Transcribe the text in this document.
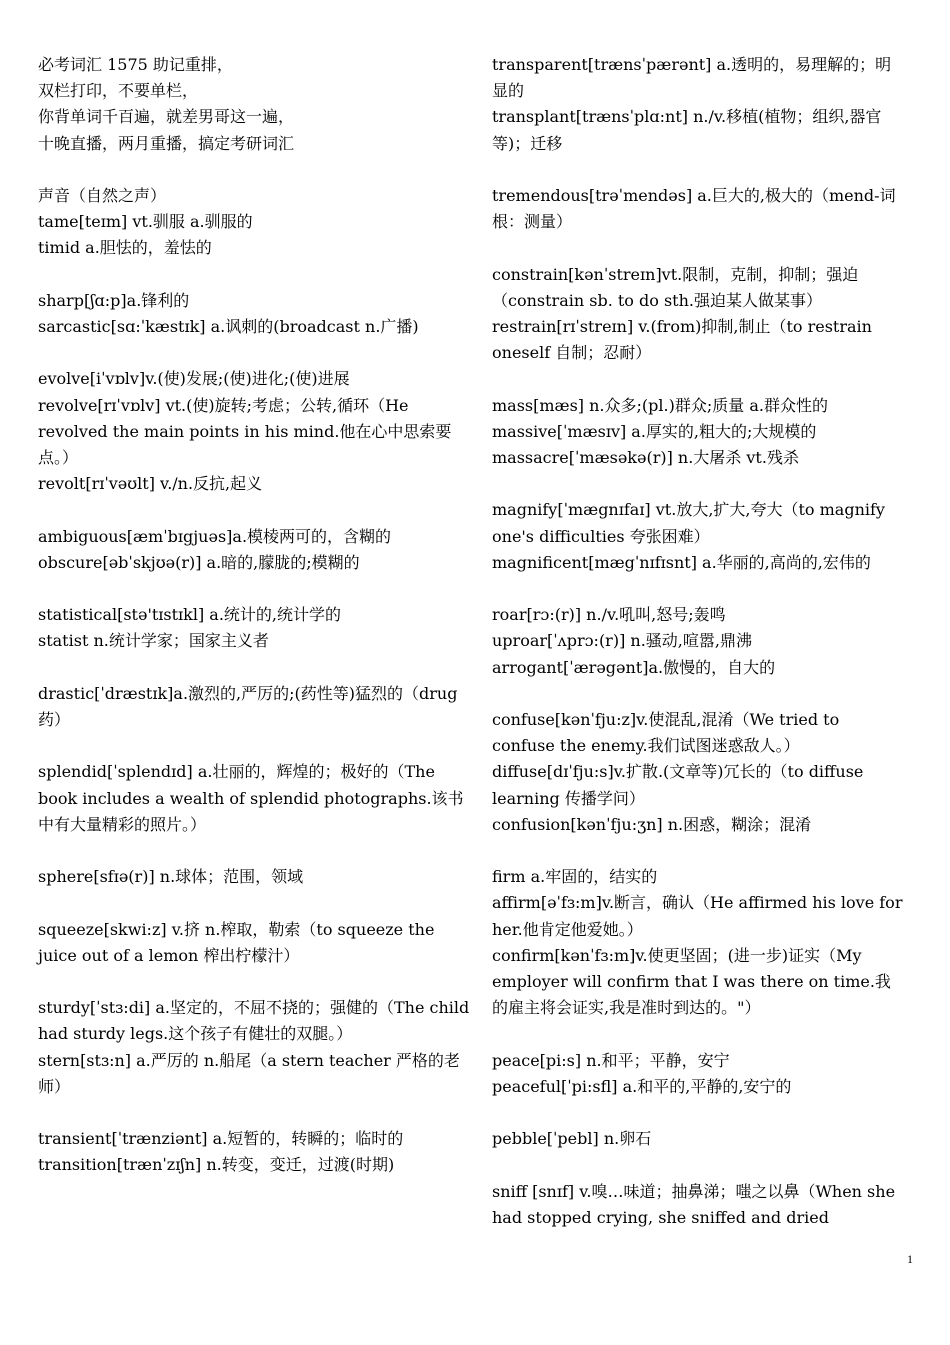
必考词汇 1575 助记重排，

双栏打印，不要单栏，

你背单词千百遍，就差男哥这一遍，

十晚直播，两月重播，搞定考研词汇

声音（自然之声）

tame[teɪm] vt.驯服 a.驯服的

timid a.胆怯的，羞怯的

sharp[ʃɑ:p]a.锋利的

sarcastic[sɑ:ˈkæstɪk] a.讽刺的(broadcast n.广播)

evolve[iˈvɒlv]v.(使)发展;(使)进化;(使)进展

revolve[rɪˈvɒlv] vt.(使)旋转;考虑；公转,循环（He revolved the main points in his mind.他在心中思索要点。）

revolt[rɪˈvəʊlt] v./n.反抗,起义

ambiguous[æmˈbɪgjuəs]a.模棱两可的，含糊的

obscure[əbˈskjʊə(r)] a.暗的,朦胧的;模糊的

statistical[stə'tɪstɪkl] a.统计的,统计学的

statist n.统计学家；国家主义者

drastic[ˈdræstɪk]a.激烈的,严厉的;(药性等)猛烈的（drug 药）

splendid[ˈsplendɪd] a.壮丽的，辉煌的；极好的（The book includes a wealth of splendid photographs.该书中有大量精彩的照片。）

sphere[sfɪə(r)] n.球体；范围，领域

squeeze[skwi:z] v.挤 n.榨取，勒索（to squeeze the juice out of a lemon 榨出柠檬汁）

sturdy[ˈstɜ:di] a.坚定的，不屈不挠的；强健的（The child had sturdy legs.这个孩子有健壮的双腿。）

stern[stɜ:n] a.严厉的 n.船尾（a stern teacher 严格的老师）

transient[ˈtrænziənt] a.短暂的，转瞬的；临时的

transition[trænˈzɪʃn] n.转变，变迁，过渡(时期)

transparent[trænsˈpærənt] a.透明的，易理解的；明显的

transplant[trænsˈplɑ:nt] n./v.移植(植物；组织,器官等)；迁移

tremendous[trəˈmendəs] a.巨大的,极大的（mend-词根：测量）

constrain[kənˈstreɪn]vt.限制，克制，抑制；强迫（constrain sb. to do sth.强迫某人做某事）

restrain[rɪˈstreɪn] v.(from)抑制,制止（to restrain oneself 自制；忍耐）

mass[mæs] n.众多;(pl.)群众;质量 a.群众性的

massive[ˈmæsɪv] a.厚实的,粗大的;大规模的

massacre[ˈmæsəkə(r)] n.大屠杀 vt.残杀

magnify[ˈmægnɪfaɪ] vt.放大,扩大,夸大（to magnify one's difficulties 夸张困难）

magnificent[mægˈnɪfɪsnt] a.华丽的,高尚的,宏伟的

roar[rɔ:(r)] n./v.吼叫,怒号;轰鸣

uproar[ˈʌprɔ:(r)] n.骚动,喧嚣,鼎沸

arrogant[ˈærəgənt]a.傲慢的，自大的

confuse[kənˈfju:z]v.使混乱,混淆（We tried to confuse the enemy.我们试图迷惑敌人。）

diffuse[dɪˈfju:s]v.扩散.(文章等)冗长的（to diffuse learning 传播学问）

confusion[kənˈfju:ʒn] n.困惑，糊涂；混淆

firm a.牢固的，结实的

affirm[əˈfɜ:m]v.断言，确认（He affirmed his love for her.他肯定他爱她。）

confirm[kənˈfɜ:m]v.使更坚固；(进一步)证实（My employer will confirm that I was there on time.我的雇主将会证实,我是准时到达的。"）

peace[pi:s] n.和平；平静，安宁

peaceful[ˈpi:sfl] a.和平的,平静的,安宁的

pebble[ˈpebl] n.卵石

sniff [snɪf] v.嗅…味道；抽鼻涕；嗤之以鼻（When she had stopped crying, she sniffed and dried

1
